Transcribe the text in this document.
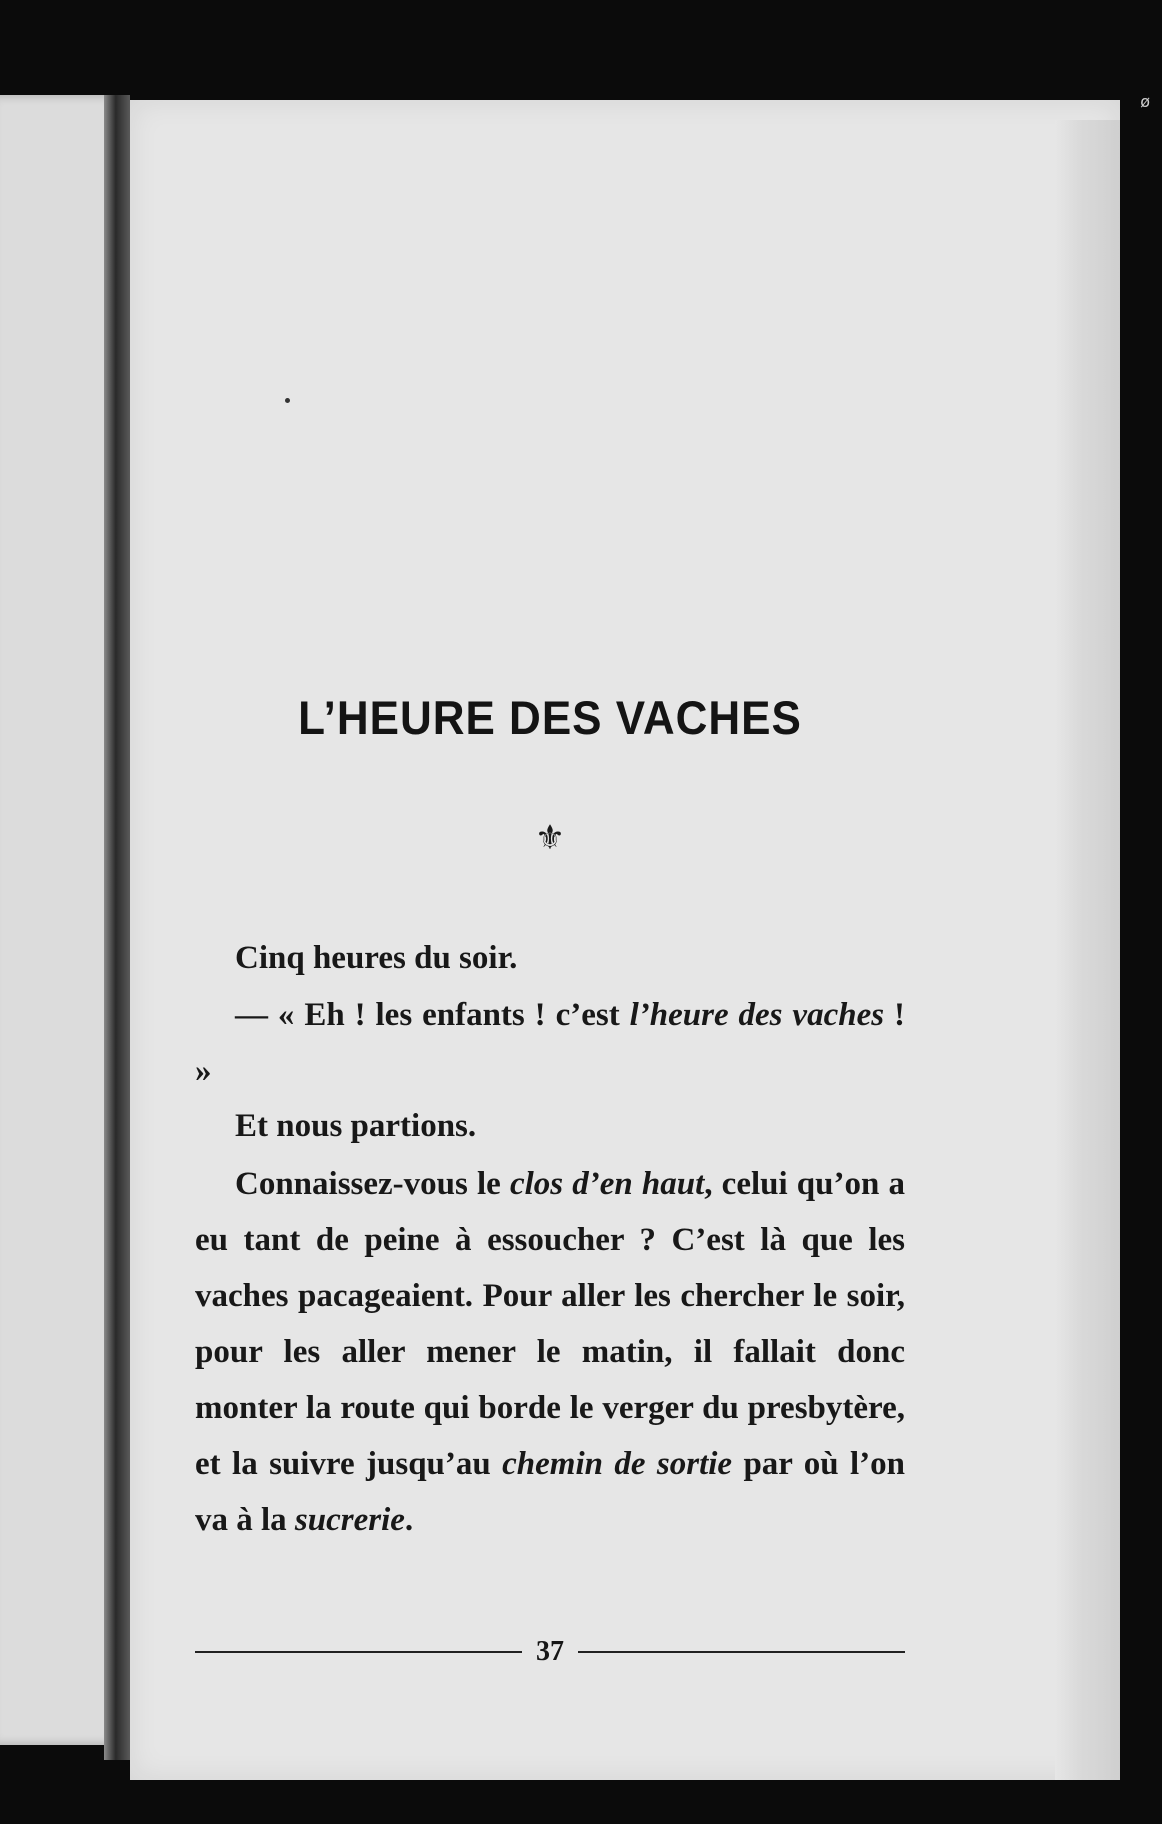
ø
L’HEURE DES VACHES
⚜
Cinq heures du soir.
— « Eh ! les enfants ! c’est l’heure des vaches ! »
Et nous partions.
Connaissez-vous le clos d’en haut, celui qu’on a eu tant de peine à essoucher ? C’est là que les vaches pacageaient. Pour aller les chercher le soir, pour les aller mener le matin, il fallait donc monter la route qui borde le verger du presbytère, et la suivre jusqu’au chemin de sortie par où l’on va à la sucrerie.
37
